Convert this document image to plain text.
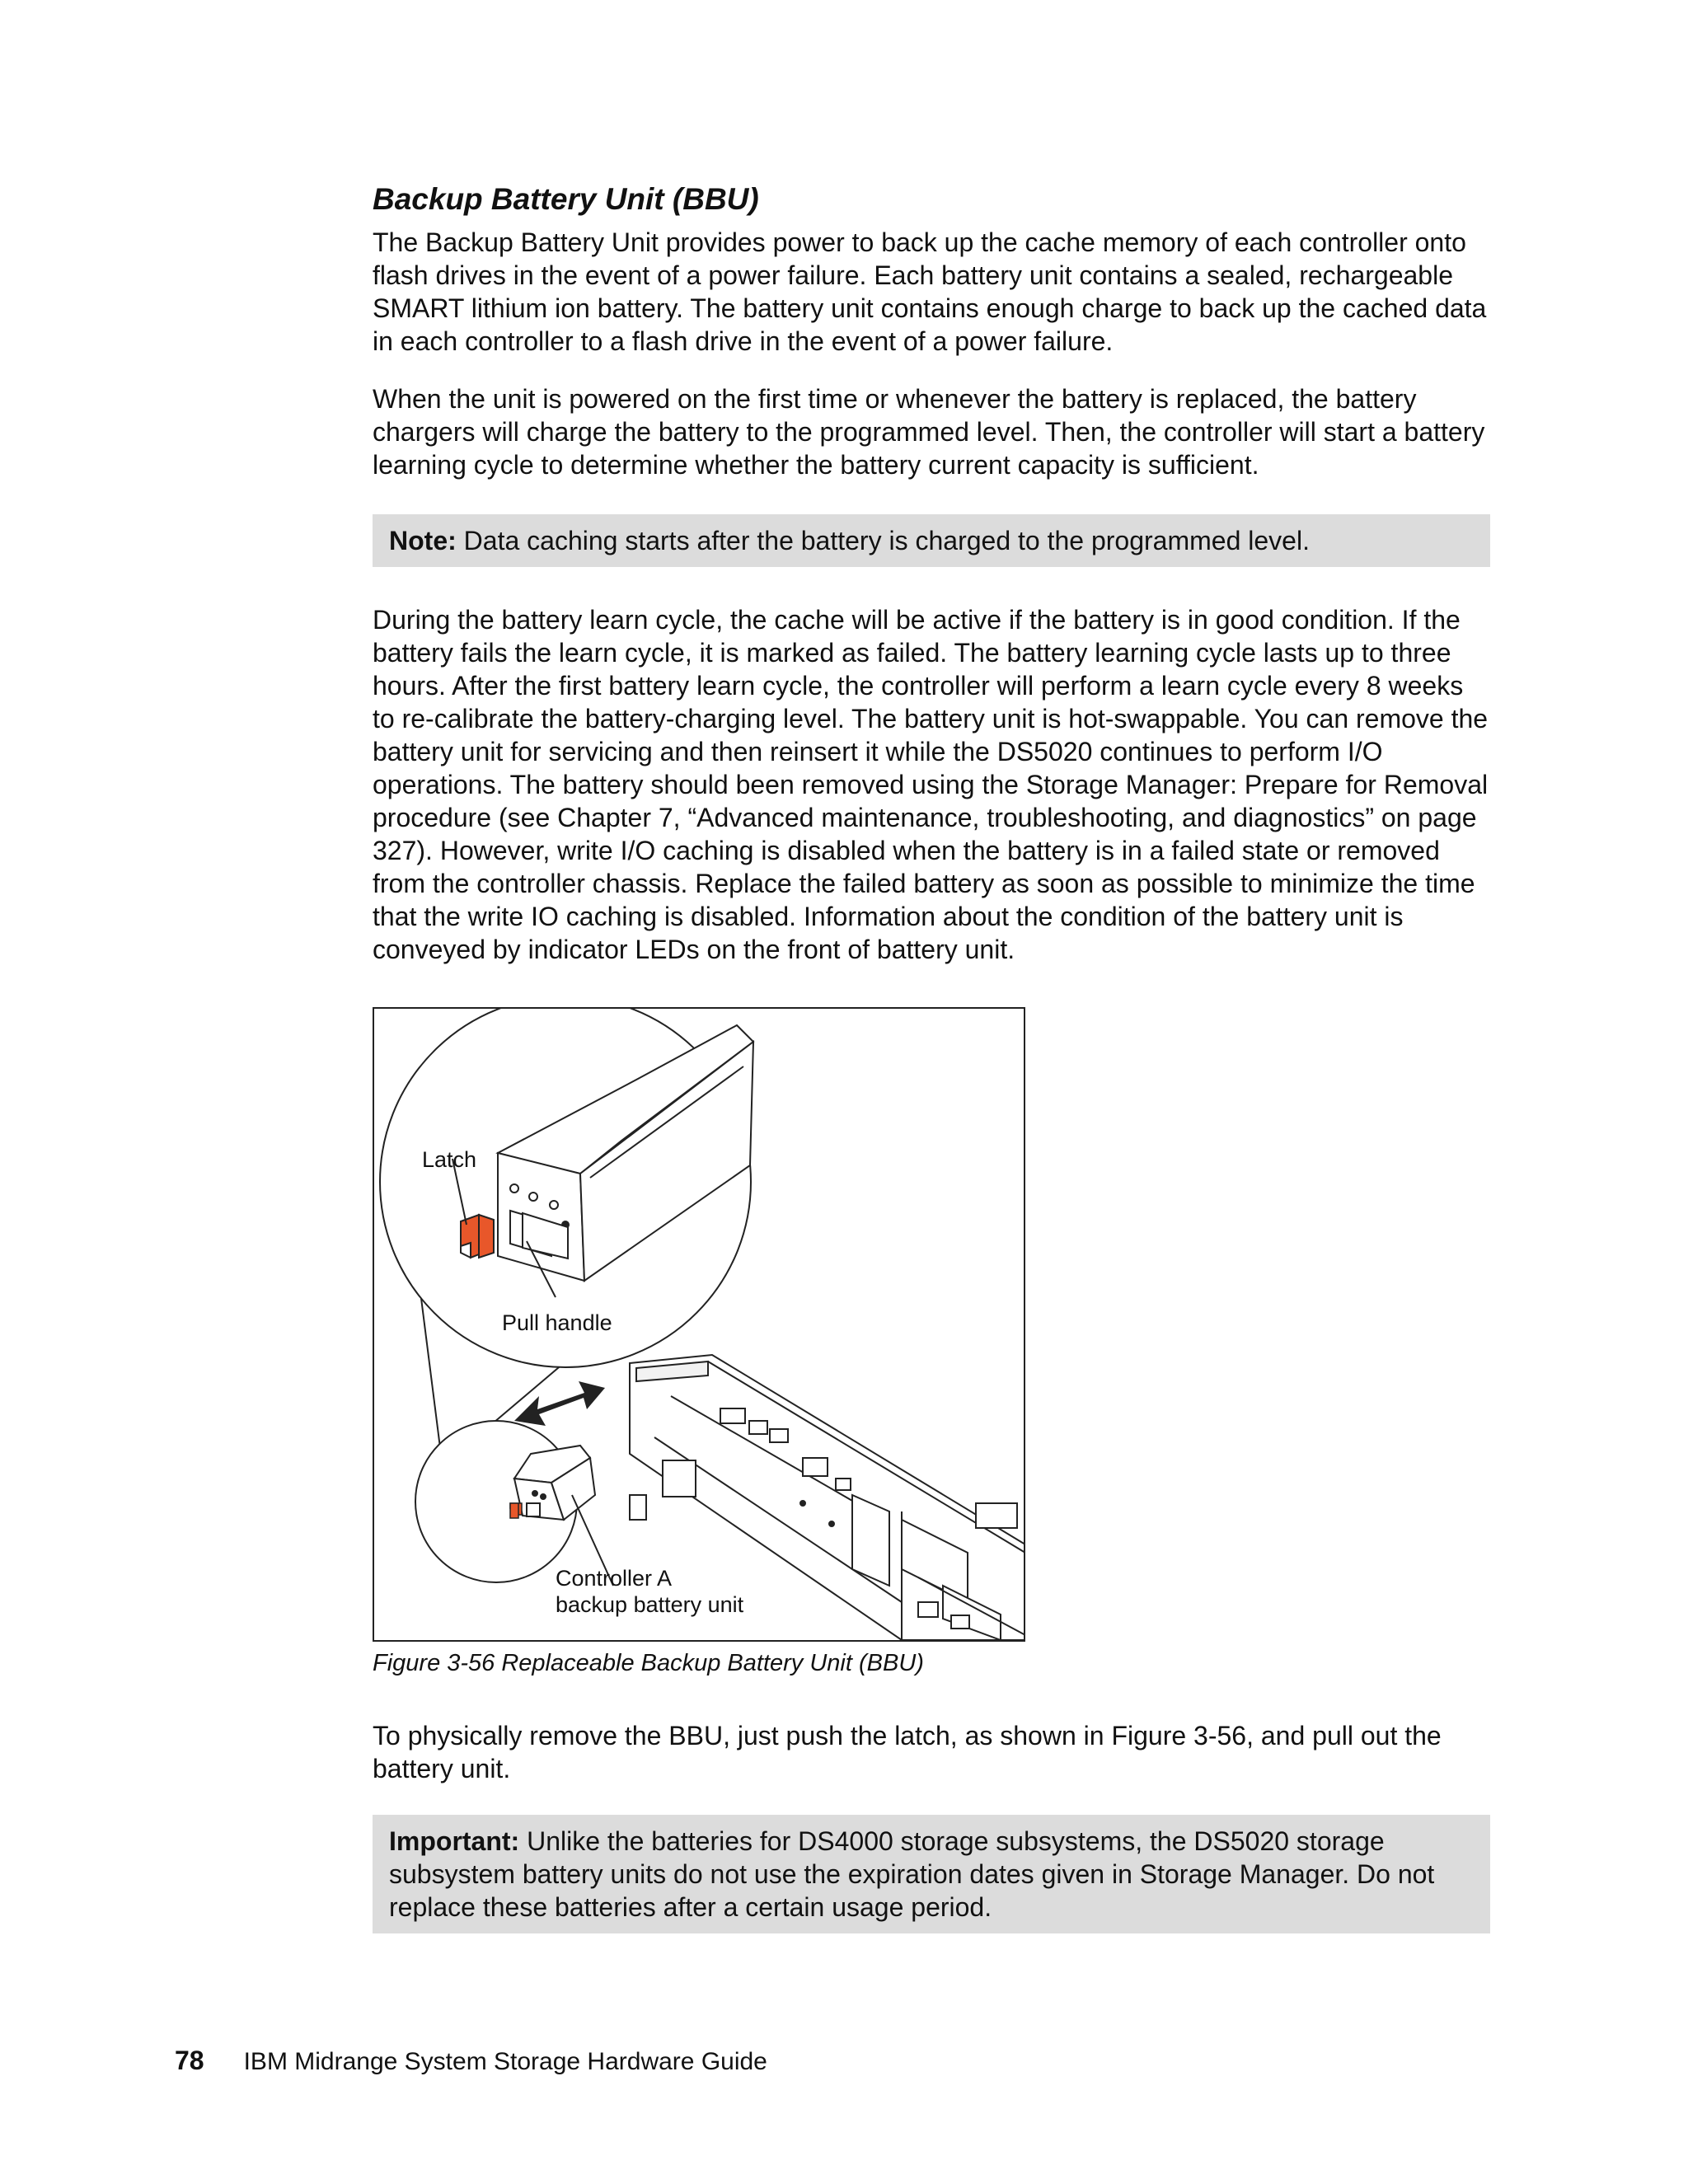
Backup Battery Unit (BBU)

The Backup Battery Unit provides power to back up the cache memory of each controller onto flash drives in the event of a power failure. Each battery unit contains a sealed, rechargeable SMART lithium ion battery. The battery unit contains enough charge to back up the cached data in each controller to a flash drive in the event of a power failure.

When the unit is powered on the first time or whenever the battery is replaced, the battery chargers will charge the battery to the programmed level. Then, the controller will start a battery learning cycle to determine whether the battery current capacity is sufficient.

Note: Data caching starts after the battery is charged to the programmed level.

During the battery learn cycle, the cache will be active if the battery is in good condition. If the battery fails the learn cycle, it is marked as failed. The battery learning cycle lasts up to three hours. After the first battery learn cycle, the controller will perform a learn cycle every 8 weeks to re-calibrate the battery-charging level. The battery unit is hot-swappable. You can remove the battery unit for servicing and then reinsert it while the DS5020 continues to perform I/O operations. The battery should been removed using the Storage Manager: Prepare for Removal procedure (see Chapter 7, “Advanced maintenance, troubleshooting, and diagnostics” on page 327). However, write I/O caching is disabled when the battery is in a failed state or removed from the controller chassis. Replace the failed battery as soon as possible to minimize the time that the write IO caching is disabled. Information about the condition of the battery unit is conveyed by indicator LEDs on the front of battery unit.

Latch
Pull handle
Controller A
backup battery unit
Figure 3-56 Replaceable Backup Battery Unit (BBU)

To physically remove the BBU, just push the latch, as shown in Figure 3-56, and pull out the battery unit.

Important: Unlike the batteries for DS4000 storage subsystems, the DS5020 storage subsystem battery units do not use the expiration dates given in Storage Manager. Do not replace these batteries after a certain usage period.
78 IBM Midrange System Storage Hardware Guide
